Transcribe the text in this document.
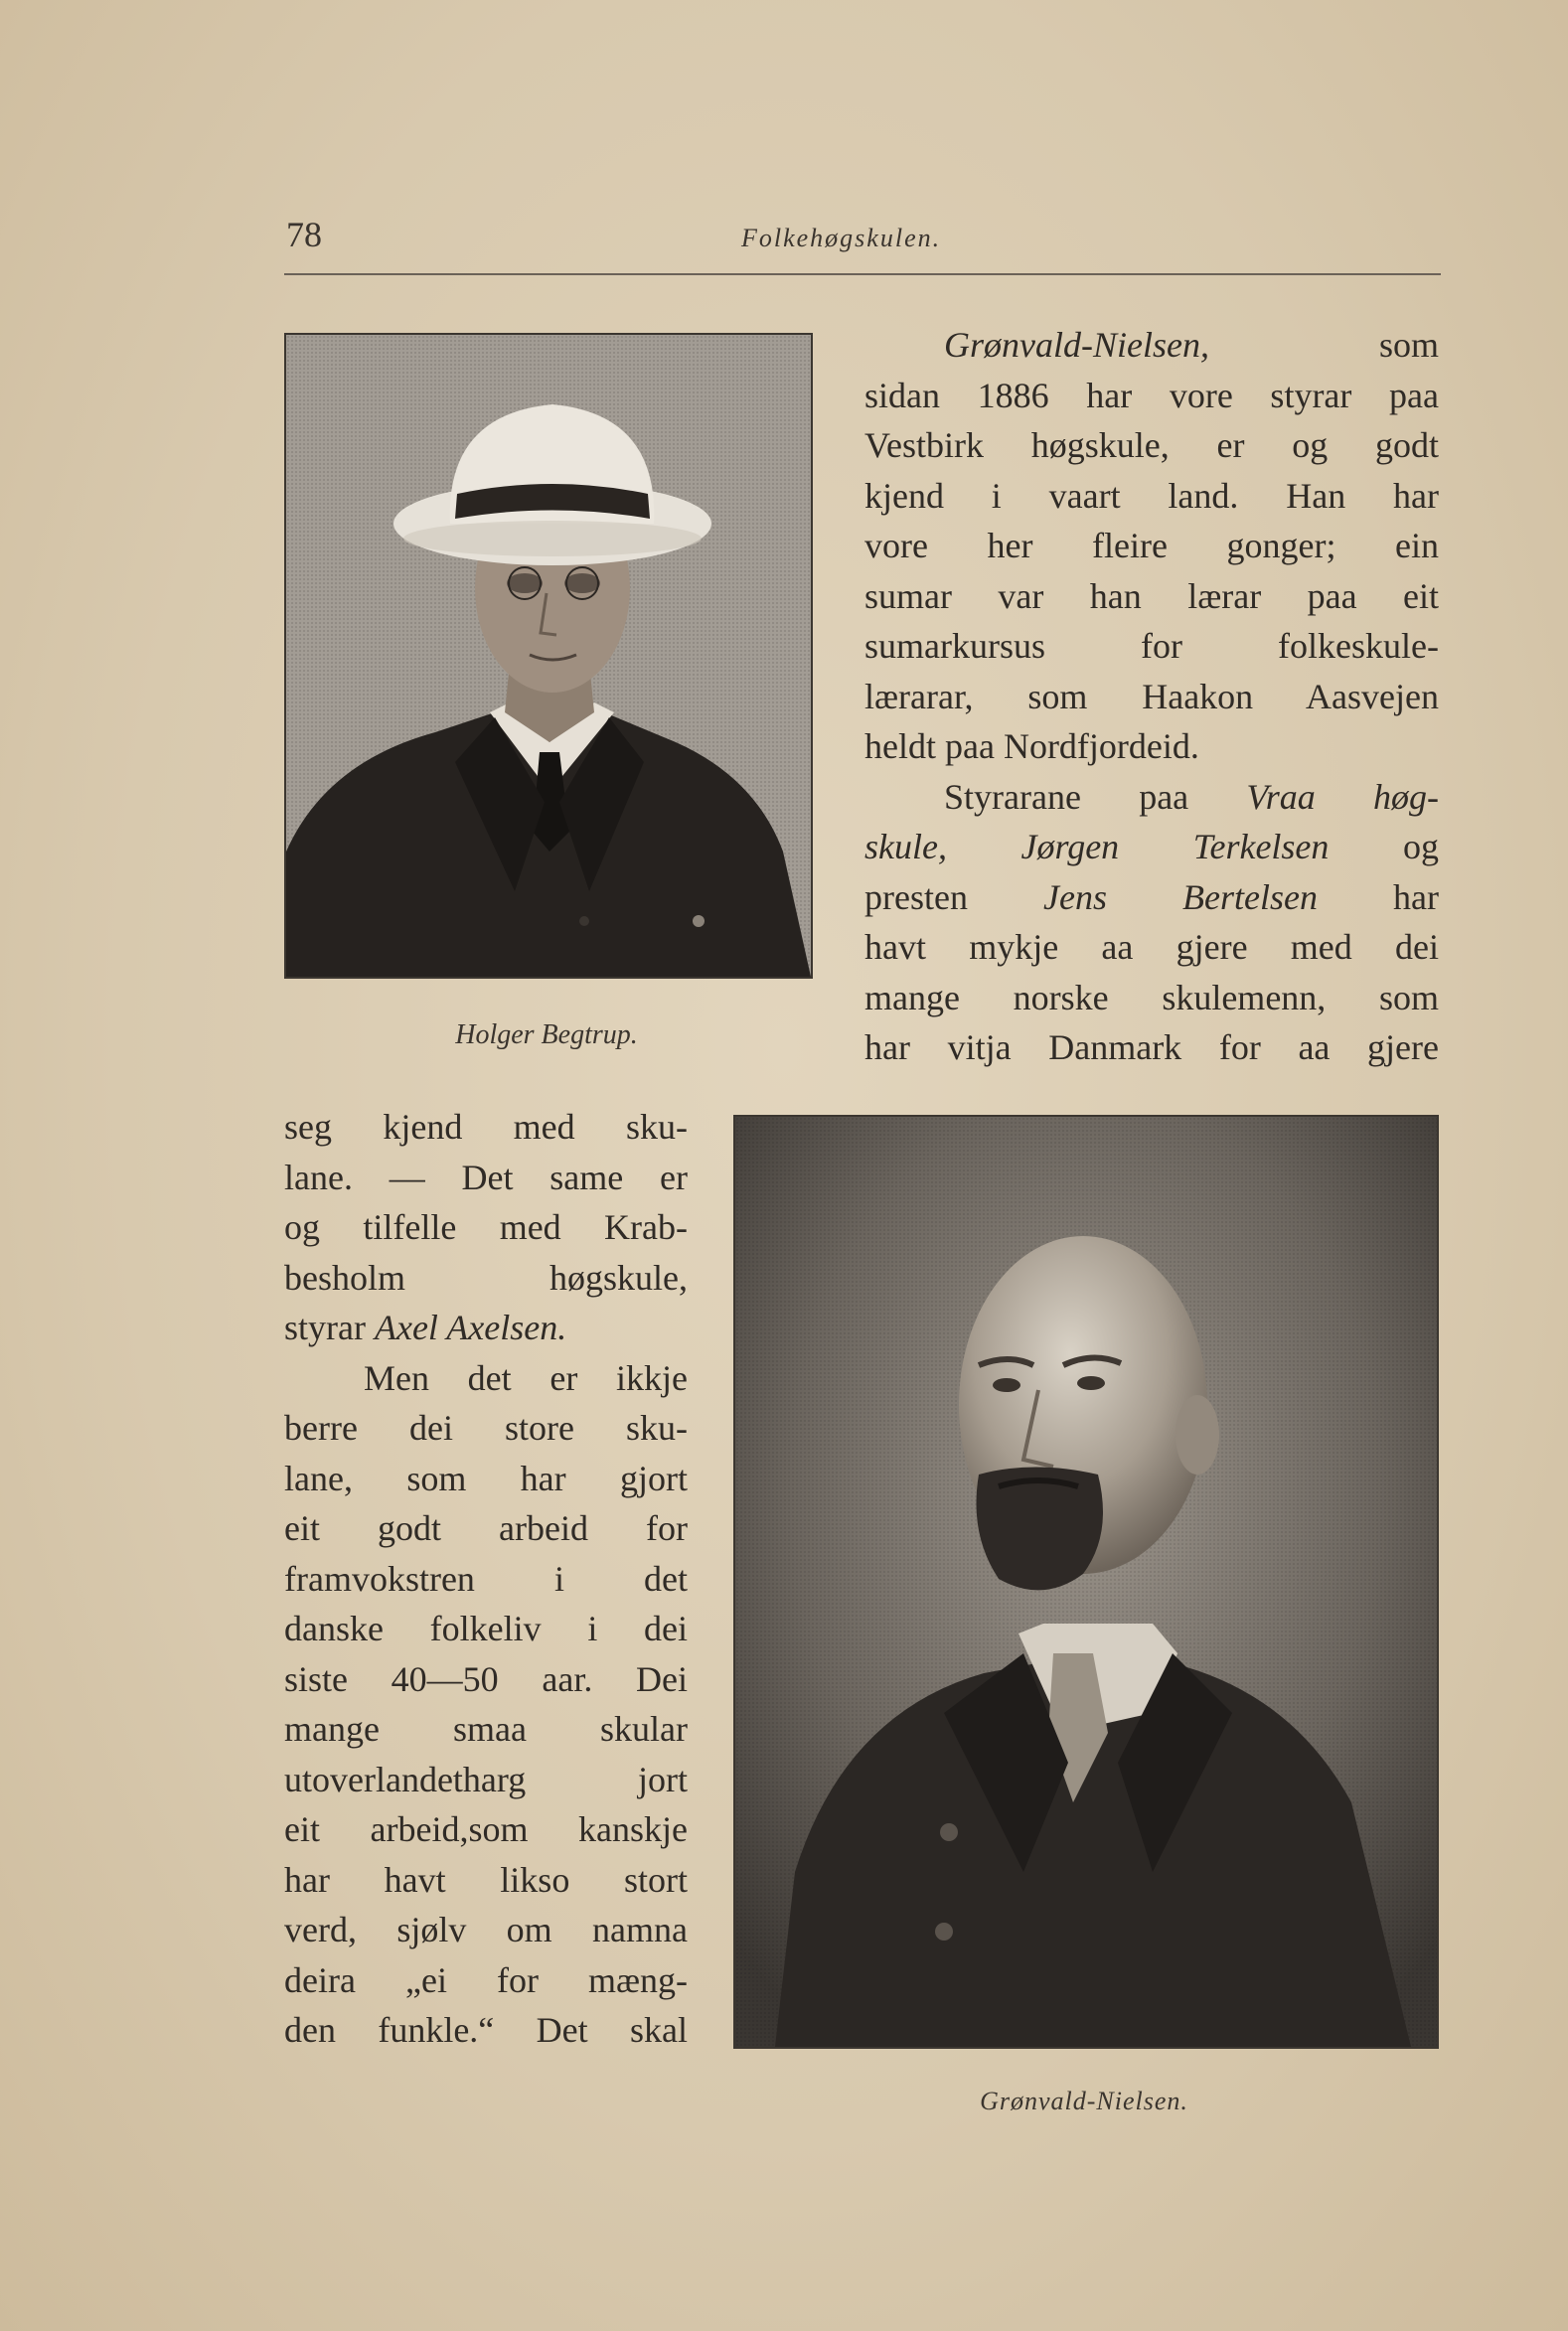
78	Folkehøgskulen.
Holger Begtrup.
Grønvald-Nielsen.
Grønvald-Nielsen, som
sidan 1886 har vore styrar paa
Vestbirk høgskule, er og godt
kjend i vaart land. Han har
vore her fleire gonger; ein
sumar var han lærar paa eit
sumarkursus for folkeskule-
lærarar, som Haakon Aasvejen
heldt paa Nordfjordeid.
Styrarane paa Vraa høg-
skule, Jørgen Terkelsen og
presten Jens Bertelsen har
havt mykje aa gjere med dei
mange norske skulemenn, som
har vitja Danmark for aa gjere
seg kjend med sku-
lane. — Det same er
og tilfelle med Krab-
besholm høgskule,
styrar Axel Axelsen.
Men det er ikkje
berre dei store sku-
lane, som har gjort
eit godt arbeid for
framvokstren i det
danske folkeliv i dei
siste 40—50 aar. Dei
mange smaa skular
utoverlandetharg jort
eit arbeid,som kanskje
har havt likso stort
verd, sjølv om namna
deira „ei for mæng-
den funkle.“ Det skal
